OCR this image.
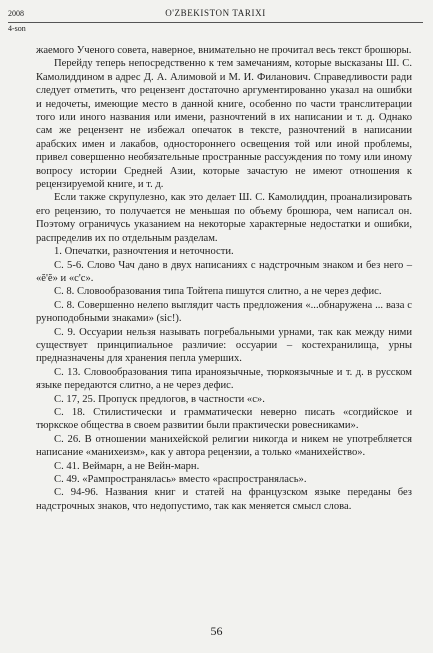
2008	O'ZBEKISTON TARIXI
4-son

жаемого Ученого совета, наверное, внимательно не прочитал весь текст брошюры.

Перейду теперь непосредственно к тем замечаниям, которые высказаны Ш. С. Камолиддином в адрес Д. А. Алимовой и М. И. Филанович. Справедливости ради следует отметить, что рецензент достаточно аргументированно указал на ошибки и недочеты, имеющие место в данной книге, особенно по части транслитерации того или иного названия или имени, разночтений в их написании и т. д. Однако сам же рецензент не избежал опечаток в тексте, разночтений в написании арабских имен и лакабов, одностороннего освещения той или иной проблемы, привел совершенно необязательные пространные рассуждения по тому или иному вопросу истории Средней Азии, которые зачастую не имеют отношения к рецензируемой книге, и т. д.

Если также скрупулезно, как это делает Ш. С. Камолиддин, проанализировать его рецензию, то получается не меньшая по объему брошюра, чем написал он. Поэтому ограничусь указанием на некоторые характерные недостатки и ошибки, распределив их по отдельным разделам.

1. Опечатки, разночтения и неточности.

С. 5-6. Слово Чач дано в двух написаниях с надстрочным знаком и без него – «ĕ'ĕ» и «с'с».

С. 8. Словообразования типа Тойтепа пишутся слитно, а не через дефис.

С. 8. Совершенно нелепо выглядит часть предложения «...обнаружена ... ваза с руноподобными знаками» (sic!).

С. 9. Оссуарии нельзя называть погребальными урнами, так как между ними существует принципиальное различие: оссуарии – костехранилища, урны предназначены для хранения пепла умерших.

С. 13. Словообразования типа ираноязычные, тюркоязычные и т. д. в русском языке передаются слитно, а не через дефис.

С. 17, 25. Пропуск предлогов, в частности «с».

С. 18. Стилистически и грамматически неверно писать «согдийское и тюркское общества в своем развитии были практически ровесниками».

С. 26. В отношении манихейской религии никогда и никем не употребляется написание «манихеизм», как у автора рецензии, а только «манихейство».

С. 41. Веймарн, а не Вейн-марн.

С. 49. «Рампространялась» вместо «распространялась».

С. 94-96. Названия книг и статей на французском языке переданы без надстрочных знаков, что недопустимо, так как меняется смысл слова.

56
